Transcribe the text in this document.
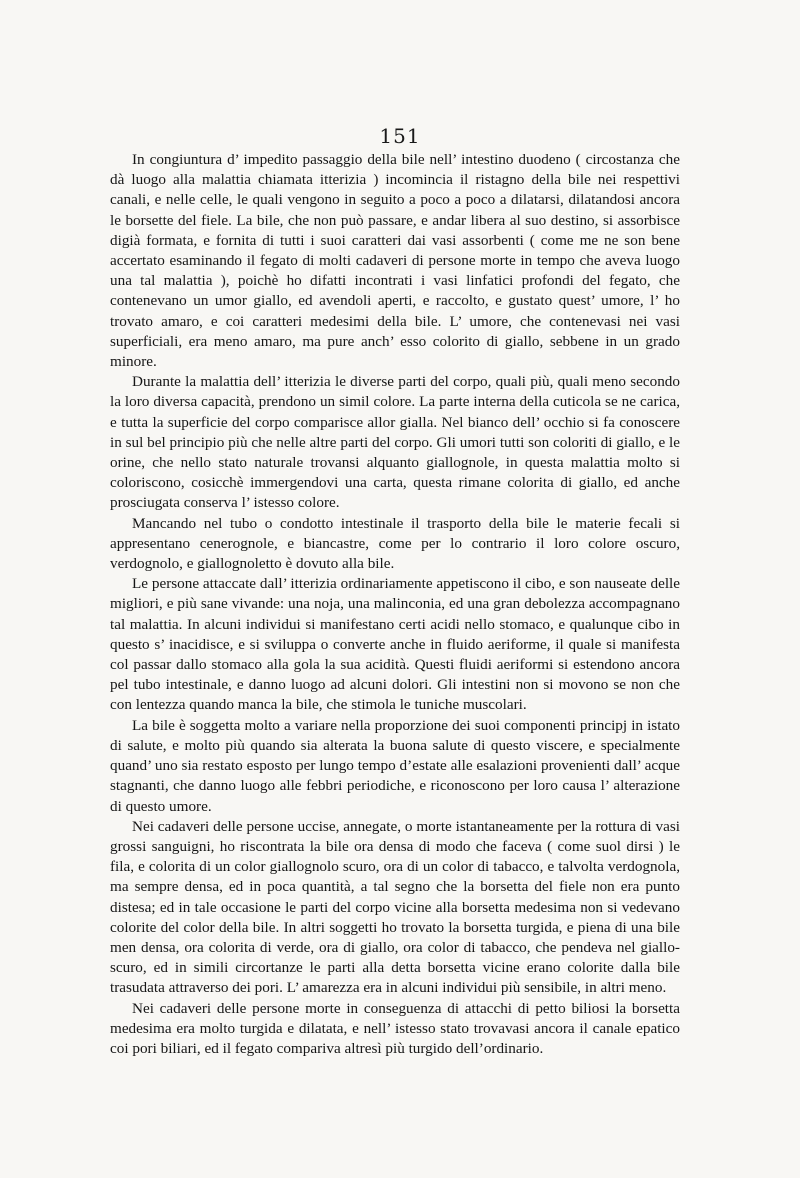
151

In congiuntura d’ impedito passaggio della bile nell’ intestino duodeno ( circostanza che dà luogo alla malattia chiamata itterizia ) incomincia il ristagno della bile nei respettivi canali, e nelle celle, le quali vengono in seguito a poco a poco a dilatarsi, dilatandosi ancora le borsette del fiele. La bile, che non può passare, e andar libera al suo destino, si assorbisce digià formata, e fornita di tutti i suoi caratteri dai vasi assorbenti ( come me ne son bene accertato esaminando il fegato di molti cadaveri di persone morte in tempo che aveva luogo una tal malattia ), poichè ho difatti incontrati i vasi linfatici profondi del fegato, che contenevano un umor giallo, ed avendoli aperti, e raccolto, e gustato quest’ umore, l’ ho trovato amaro, e coi caratteri medesimi della bile. L’ umore, che contenevasi nei vasi superficiali, era meno amaro, ma pure anch’ esso colorito di giallo, sebbene in un grado minore.

Durante la malattia dell’ itterizia le diverse parti del corpo, quali più, quali meno secondo la loro diversa capacità, prendono un simil colore. La parte interna della cuticola se ne carica, e tutta la superficie del corpo comparisce allor gialla. Nel bianco dell’ occhio si fa conoscere in sul bel principio più che nelle altre parti del corpo. Gli umori tutti son coloriti di giallo, e le orine, che nello stato naturale trovansi alquanto giallognole, in questa malattia molto si coloriscono, cosicchè immergendovi una carta, questa rimane colorita di giallo, ed anche prosciugata conserva l’ istesso colore.

Mancando nel tubo o condotto intestinale il trasporto della bile le materie fecali si appresentano cenerognole, e biancastre, come per lo contrario il loro colore oscuro, verdognolo, e giallognoletto è dovuto alla bile.

Le persone attaccate dall’ itterizia ordinariamente appetiscono il cibo, e son nauseate delle migliori, e più sane vivande: una noja, una malinconia, ed una gran debolezza accompagnano tal malattia. In alcuni individui si manifestano certi acidi nello stomaco, e qualunque cibo in questo s’ inacidisce, e si sviluppa o converte anche in fluido aeriforme, il quale si manifesta col passar dallo stomaco alla gola la sua acidità. Questi fluidi aeriformi si estendono ancora pel tubo intestinale, e danno luogo ad alcuni dolori. Gli intestini non si movono se non che con lentezza quando manca la bile, che stimola le tuniche muscolari.

La bile è soggetta molto a variare nella proporzione dei suoi componenti principj in istato di salute, e molto più quando sia alterata la buona salute di questo viscere, e specialmente quand’ uno sia restato esposto per lungo tempo d’estate alle esalazioni provenienti dall’ acque stagnanti, che danno luogo alle febbri periodiche, e riconoscono per loro causa l’ alterazione di questo umore.

Nei cadaveri delle persone uccise, annegate, o morte istantaneamente per la rottura di vasi grossi sanguigni, ho riscontrata la bile ora densa di modo che faceva ( come suol dirsi ) le fila, e colorita di un color giallognolo scuro, ora di un color di tabacco, e talvolta verdognola, ma sempre densa, ed in poca quantità, a tal segno che la borsetta del fiele non era punto distesa; ed in tale occasione le parti del corpo vicine alla borsetta medesima non si vedevano colorite del color della bile. In altri soggetti ho trovato la borsetta turgida, e piena di una bile men densa, ora colorita di verde, ora di giallo, ora color di tabacco, che pendeva nel giallo-scuro, ed in simili circortanze le parti alla detta borsetta vicine erano colorite dalla bile trasudata attraverso dei pori. L’ amarezza era in alcuni individui più sensibile, in altri meno.

Nei cadaveri delle persone morte in conseguenza di attacchi di petto biliosi la borsetta medesima era molto turgida e dilatata, e nell’ istesso stato trovavasi ancora il canale epatico coi pori biliari, ed il fegato compariva altresì più turgido dell’ordinario.
